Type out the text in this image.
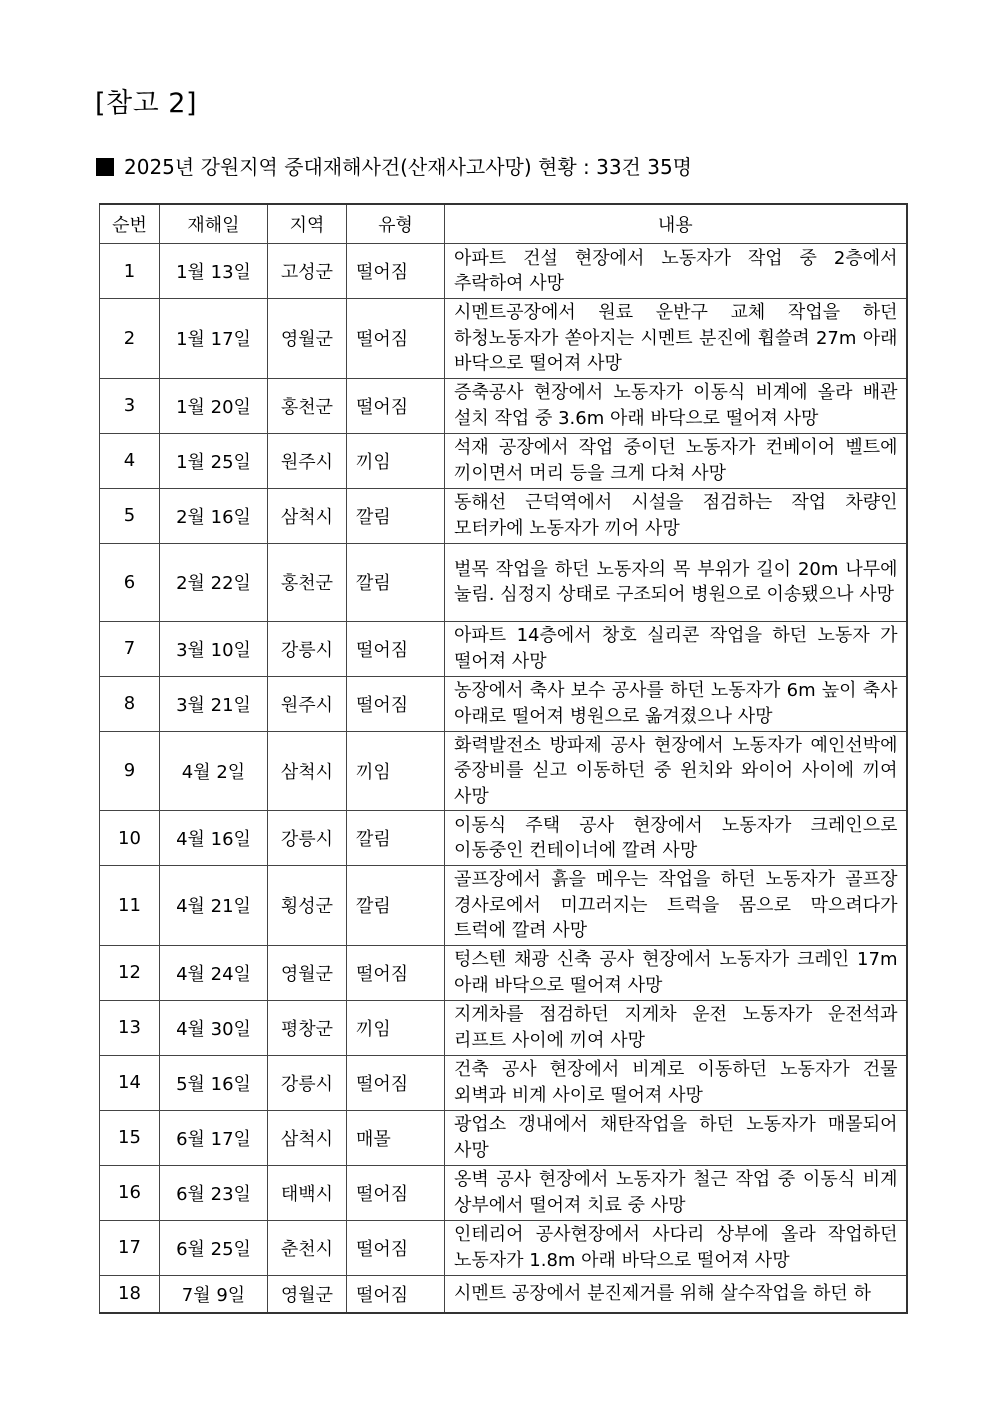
[참고 2]
2025년 강원지역 중대재해사건(산재사고사망) 현황 : 33건 35명
순번	재해일	지역	유형	내용
1	1월 13일	고성군	떨어짐	아파트 건설 현장에서 노동자가 작업 중 2층에서 추락하여 사망
2	1월 17일	영월군	떨어짐	시멘트공장에서 원료 운반구 교체 작업을 하던 하청노동자가 쏟아지는 시멘트 분진에 휩쓸려 27m 아래 바닥으로 떨어져 사망
3	1월 20일	홍천군	떨어짐	증축공사 현장에서 노동자가 이동식 비계에 올라 배관 설치 작업 중 3.6m 아래 바닥으로 떨어져 사망
4	1월 25일	원주시	끼임	석재 공장에서 작업 중이던 노동자가 컨베이어 벨트에 끼이면서 머리 등을 크게 다쳐 사망
5	2월 16일	삼척시	깔림	동해선 근덕역에서 시설을 점검하는 작업 차량인 모터카에 노동자가 끼어 사망
6	2월 22일	홍천군	깔림	벌목 작업을 하던 노동자의 목 부위가 길이 20m 나무에 눌림. 심정지 상태로 구조되어 병원으로 이송됐으나 사망
7	3월 10일	강릉시	떨어짐	아파트 14층에서 창호 실리콘 작업을 하던 노동자 가 떨어져 사망
8	3월 21일	원주시	떨어짐	농장에서 축사 보수 공사를 하던 노동자가 6m 높이 축사 아래로 떨어져 병원으로 옮겨졌으나 사망
9	4월 2일	삼척시	끼임	화력발전소 방파제 공사 현장에서 노동자가 예인선박에 중장비를 싣고 이동하던 중 윈치와 와이어 사이에 끼여 사망
10	4월 16일	강릉시	깔림	이동식 주택 공사 현장에서 노동자가 크레인으로 이동중인 컨테이너에 깔려 사망
11	4월 21일	횡성군	깔림	골프장에서 흙을 메우는 작업을 하던 노동자가 골프장 경사로에서 미끄러지는 트럭을 몸으로 막으려다가 트럭에 깔려 사망
12	4월 24일	영월군	떨어짐	텅스텐 채광 신축 공사 현장에서 노동자가 크레인 17m 아래 바닥으로 떨어져 사망
13	4월 30일	평창군	끼임	지게차를 점검하던 지게차 운전 노동자가 운전석과 리프트 사이에 끼여 사망
14	5월 16일	강릉시	떨어짐	건축 공사 현장에서 비계로 이동하던 노동자가 건물 외벽과 비계 사이로 떨어져 사망
15	6월 17일	삼척시	매몰	광업소 갱내에서 채탄작업을 하던 노동자가 매몰되어 사망
16	6월 23일	태백시	떨어짐	옹벽 공사 현장에서 노동자가 철근 작업 중 이동식 비계 상부에서 떨어져 치료 중 사망
17	6월 25일	춘천시	떨어짐	인테리어 공사현장에서 사다리 상부에 올라 작업하던 노동자가 1.8m 아래 바닥으로 떨어져 사망
18	7월 9일	영월군	떨어짐	시멘트 공장에서 분진제거를 위해 살수작업을 하던 하
